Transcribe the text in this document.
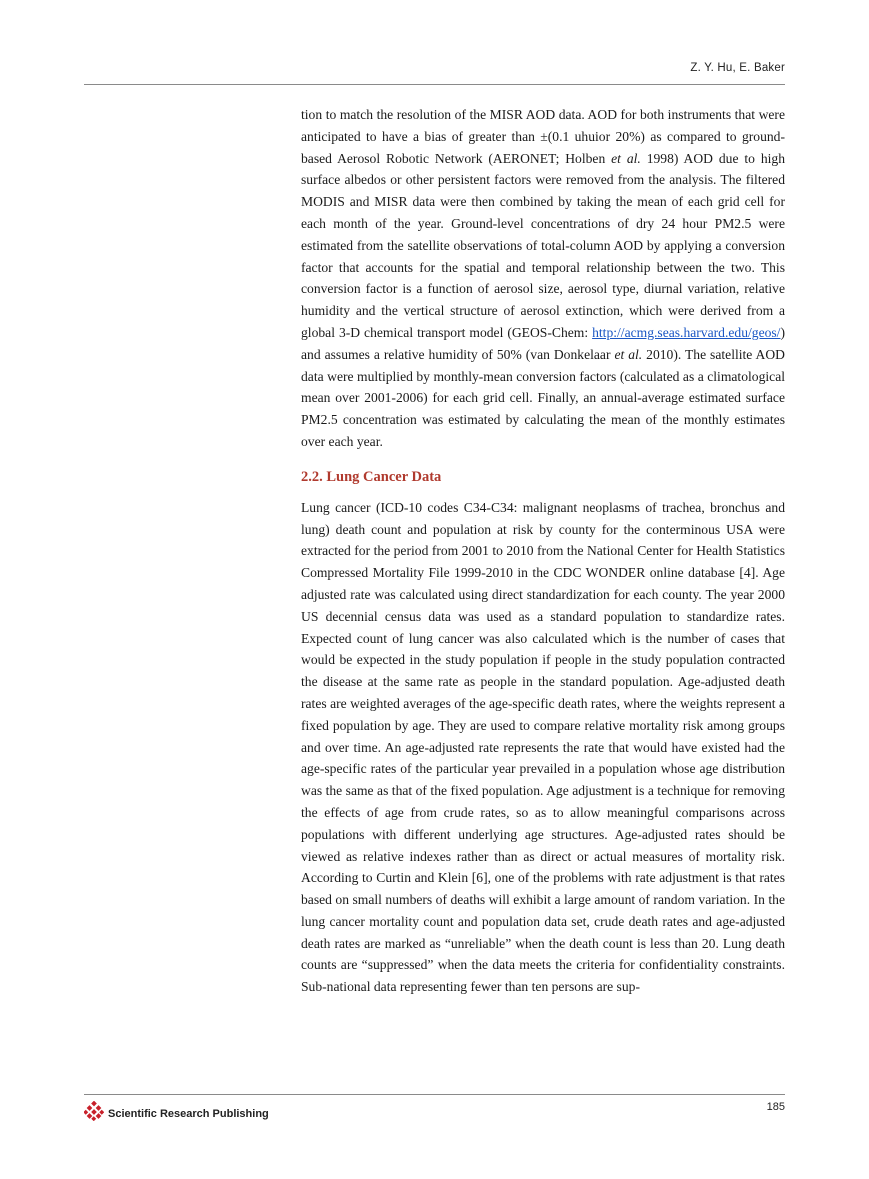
Z. Y. Hu, E. Baker

tion to match the resolution of the MISR AOD data. AOD for both instruments that were anticipated to have a bias of greater than ±(0.1 uhuior 20%) as compared to ground-based Aerosol Robotic Network (AERONET; Holben et al. 1998) AOD due to high surface albedos or other persistent factors were removed from the analysis. The filtered MODIS and MISR data were then combined by taking the mean of each grid cell for each month of the year. Ground-level concentrations of dry 24 hour PM2.5 were estimated from the satellite observations of total-column AOD by applying a conversion factor that accounts for the spatial and temporal relationship between the two. This conversion factor is a function of aerosol size, aerosol type, diurnal variation, relative humidity and the vertical structure of aerosol extinction, which were derived from a global 3-D chemical transport model (GEOS-Chem: http://acmg.seas.harvard.edu/geos/) and assumes a relative humidity of 50% (van Donkelaar et al. 2010). The satellite AOD data were multiplied by monthly-mean conversion factors (calculated as a climatological mean over 2001-2006) for each grid cell. Finally, an annual-average estimated surface PM2.5 concentration was estimated by calculating the mean of the monthly estimates over each year.

2.2. Lung Cancer Data

Lung cancer (ICD-10 codes C34-C34: malignant neoplasms of trachea, bronchus and lung) death count and population at risk by county for the conterminous USA were extracted for the period from 2001 to 2010 from the National Center for Health Statistics Compressed Mortality File 1999-2010 in the CDC WONDER online database [4]. Age adjusted rate was calculated using direct standardization for each county. The year 2000 US decennial census data was used as a standard population to standardize rates. Expected count of lung cancer was also calculated which is the number of cases that would be expected in the study population if people in the study population contracted the disease at the same rate as people in the standard population. Age-adjusted death rates are weighted averages of the age-specific death rates, where the weights represent a fixed population by age. They are used to compare relative mortality risk among groups and over time. An age-adjusted rate represents the rate that would have existed had the age-specific rates of the particular year prevailed in a population whose age distribution was the same as that of the fixed population. Age adjustment is a technique for removing the effects of age from crude rates, so as to allow meaningful comparisons across populations with different underlying age structures. Age-adjusted rates should be viewed as relative indexes rather than as direct or actual measures of mortality risk. According to Curtin and Klein [6], one of the problems with rate adjustment is that rates based on small numbers of deaths will exhibit a large amount of random variation. In the lung cancer mortality count and population data set, crude death rates and age-adjusted death rates are marked as “unreliable” when the death count is less than 20. Lung death counts are “suppressed” when the data meets the criteria for confidentiality constraints. Sub-national data representing fewer than ten persons are sup-

Scientific Research Publishing
185
